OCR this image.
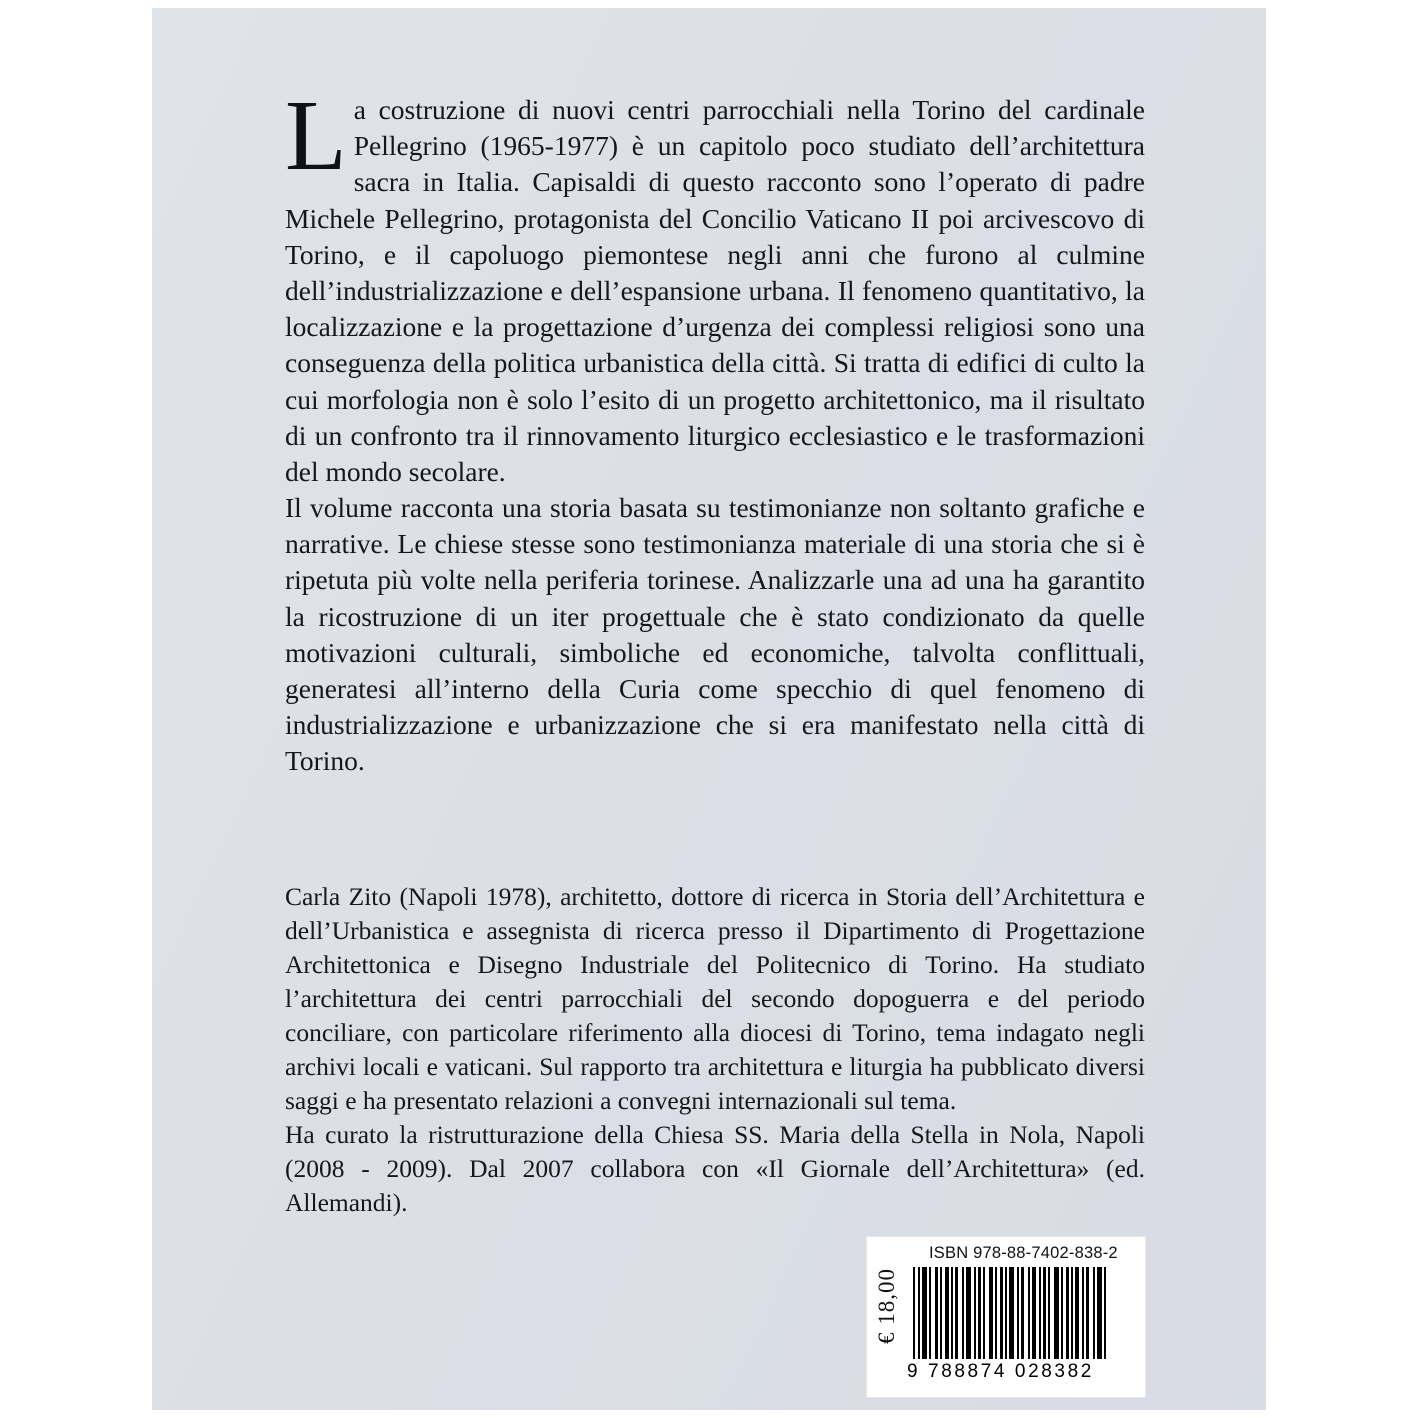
La costruzione di nuovi centri parrocchiali nella Torino del cardinale Pellegrino (1965-1977) è un capitolo poco studiato dell’architettura sacra in Italia. Capisaldi di questo racconto sono l’operato di padre Michele Pellegrino, protagonista del Concilio Vaticano II poi arcivescovo di Torino, e il capoluogo piemontese negli anni che furono al culmine dell’industrializzazione e dell’espansione urbana. Il fenomeno quantitativo, la localizzazione e la progettazione d’urgenza dei complessi religiosi sono una conseguenza della politica urbanistica della città. Si tratta di edifici di culto la cui morfologia non è solo l’esito di un progetto architettonico, ma il risultato di un confronto tra il rinnovamento liturgico ecclesiastico e le trasformazioni del mondo secolare.

Il volume racconta una storia basata su testimonianze non soltanto grafiche e narrative. Le chiese stesse sono testimonianza materiale di una storia che si è ripetuta più volte nella periferia torinese. Analizzarle una ad una ha garantito la ricostruzione di un iter progettuale che è stato condizionato da quelle motivazioni culturali, simboliche ed economiche, talvolta conflittuali, generatesi all’interno della Curia come specchio di quel fenomeno di industrializzazione e urbanizzazione che si era manifestato nella città di Torino.

Carla Zito (Napoli 1978), architetto, dottore di ricerca in Storia dell’Architettura e dell’Urbanistica e assegnista di ricerca presso il Dipartimento di Progettazione Architettonica e Disegno Industriale del Politecnico di Torino. Ha studiato l’architettura dei centri parrocchiali del secondo dopoguerra e del periodo conciliare, con particolare riferimento alla diocesi di Torino, tema indagato negli archivi locali e vaticani. Sul rapporto tra architettura e liturgia ha pubblicato diversi saggi e ha presentato relazioni a convegni internazionali sul tema.

Ha curato la ristrutturazione della Chiesa SS. Maria della Stella in Nola, Napoli (2008 - 2009). Dal 2007 collabora con «Il Giornale dell’Architettura» (ed. Allemandi).

ISBN 978-88-7402-838-2
€ 18,00
9 788874 028382
